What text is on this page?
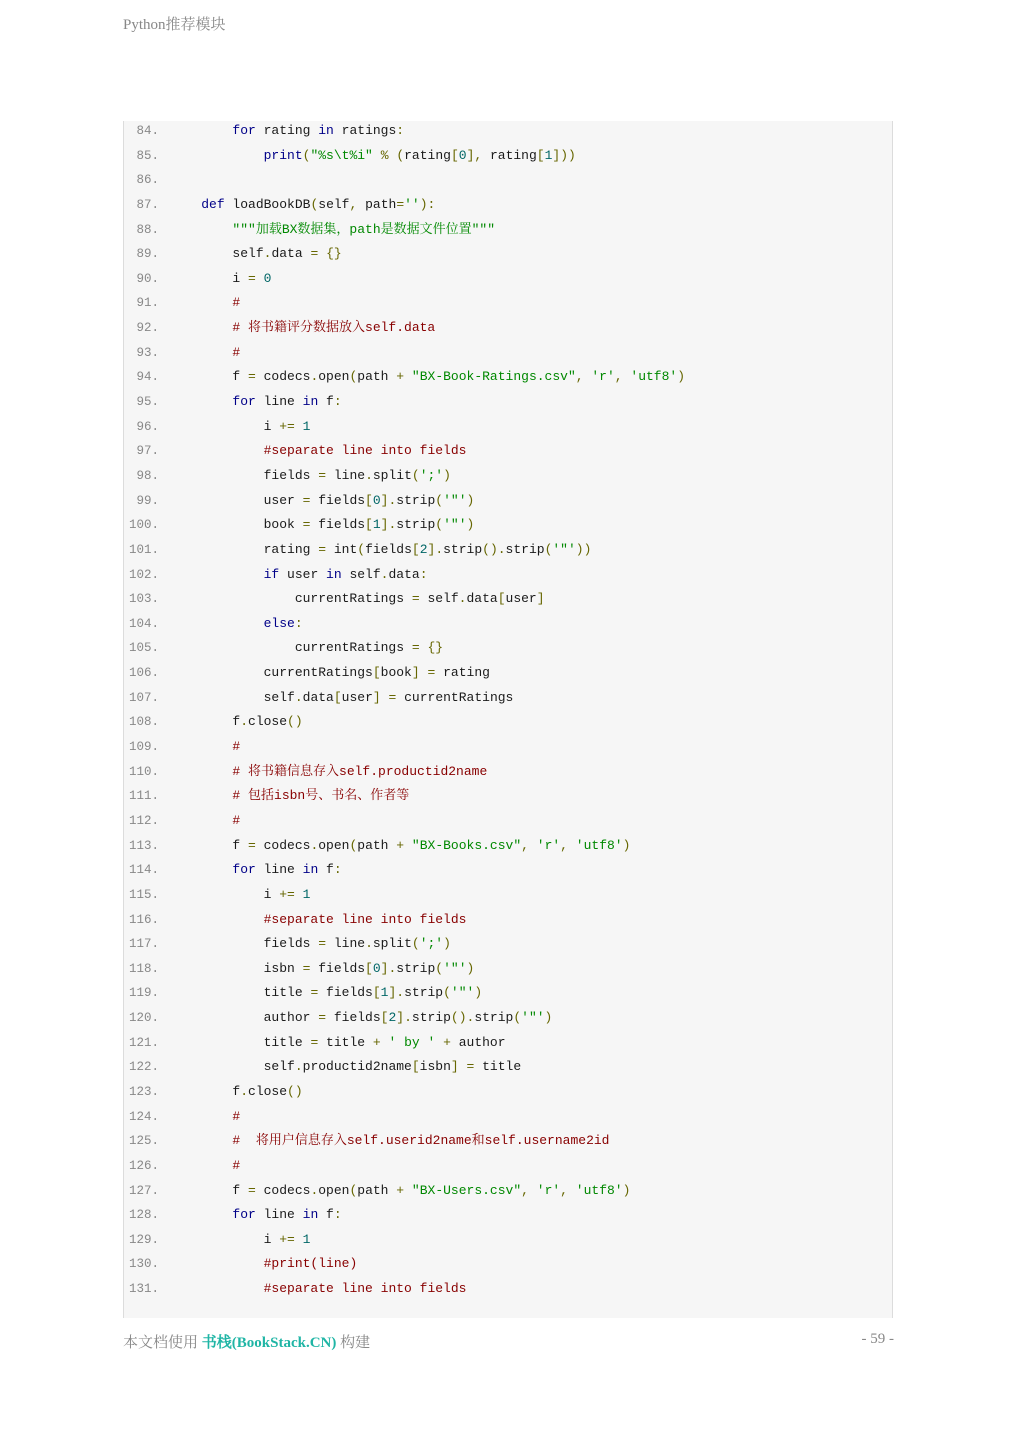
Python推荐模块
84.	for rating in ratings:
85.	print("%s\t%i" % (rating[0], rating[1]))
86.
87.	def loadBookDB(self, path=''):
88.	"""加载BX数据集，path是数据文件位置"""
89. self.data = {}
90. i = 0
91.	#
92.	# 将书籍评分数据放入self.data
93.	#
94. f = codecs.open(path + "BX-Book-Ratings.csv", 'r', 'utf8')
95.	for line in f:
96. i += 1
97.	#separate line into fields
98. fields = line.split(';')
99. user = fields[0].strip('"')
100. book = fields[1].strip('"')
101. rating = int(fields[2].strip().strip('"'))
102.	if user in self.data:
103. currentRatings = self.data[user]
104.	else:
105. currentRatings = {}
106. currentRatings[book] = rating
107. self.data[user] = currentRatings
108. f.close()
109.	#
110.	# 将书籍信息存入self.productid2name
111.	# 包括isbn号、书名、作者等
112.	#
113. f = codecs.open(path + "BX-Books.csv", 'r', 'utf8')
114.	for line in f:
115. i += 1
116.	#separate line into fields
117. fields = line.split(';')
118. isbn = fields[0].strip('"')
119. title = fields[1].strip('"')
120. author = fields[2].strip().strip('"')
121. title = title + ' by ' + author
122. self.productid2name[isbn] = title
123. f.close()
124.	#
125.	#  将用户信息存入self.userid2name和self.username2id
126.	#
127. f = codecs.open(path + "BX-Users.csv", 'r', 'utf8')
128.	for line in f:
129. i += 1
130.	#print(line)
131.	#separate line into fields
本文档使用 书栈(BookStack.CN) 构建	- 59 -
